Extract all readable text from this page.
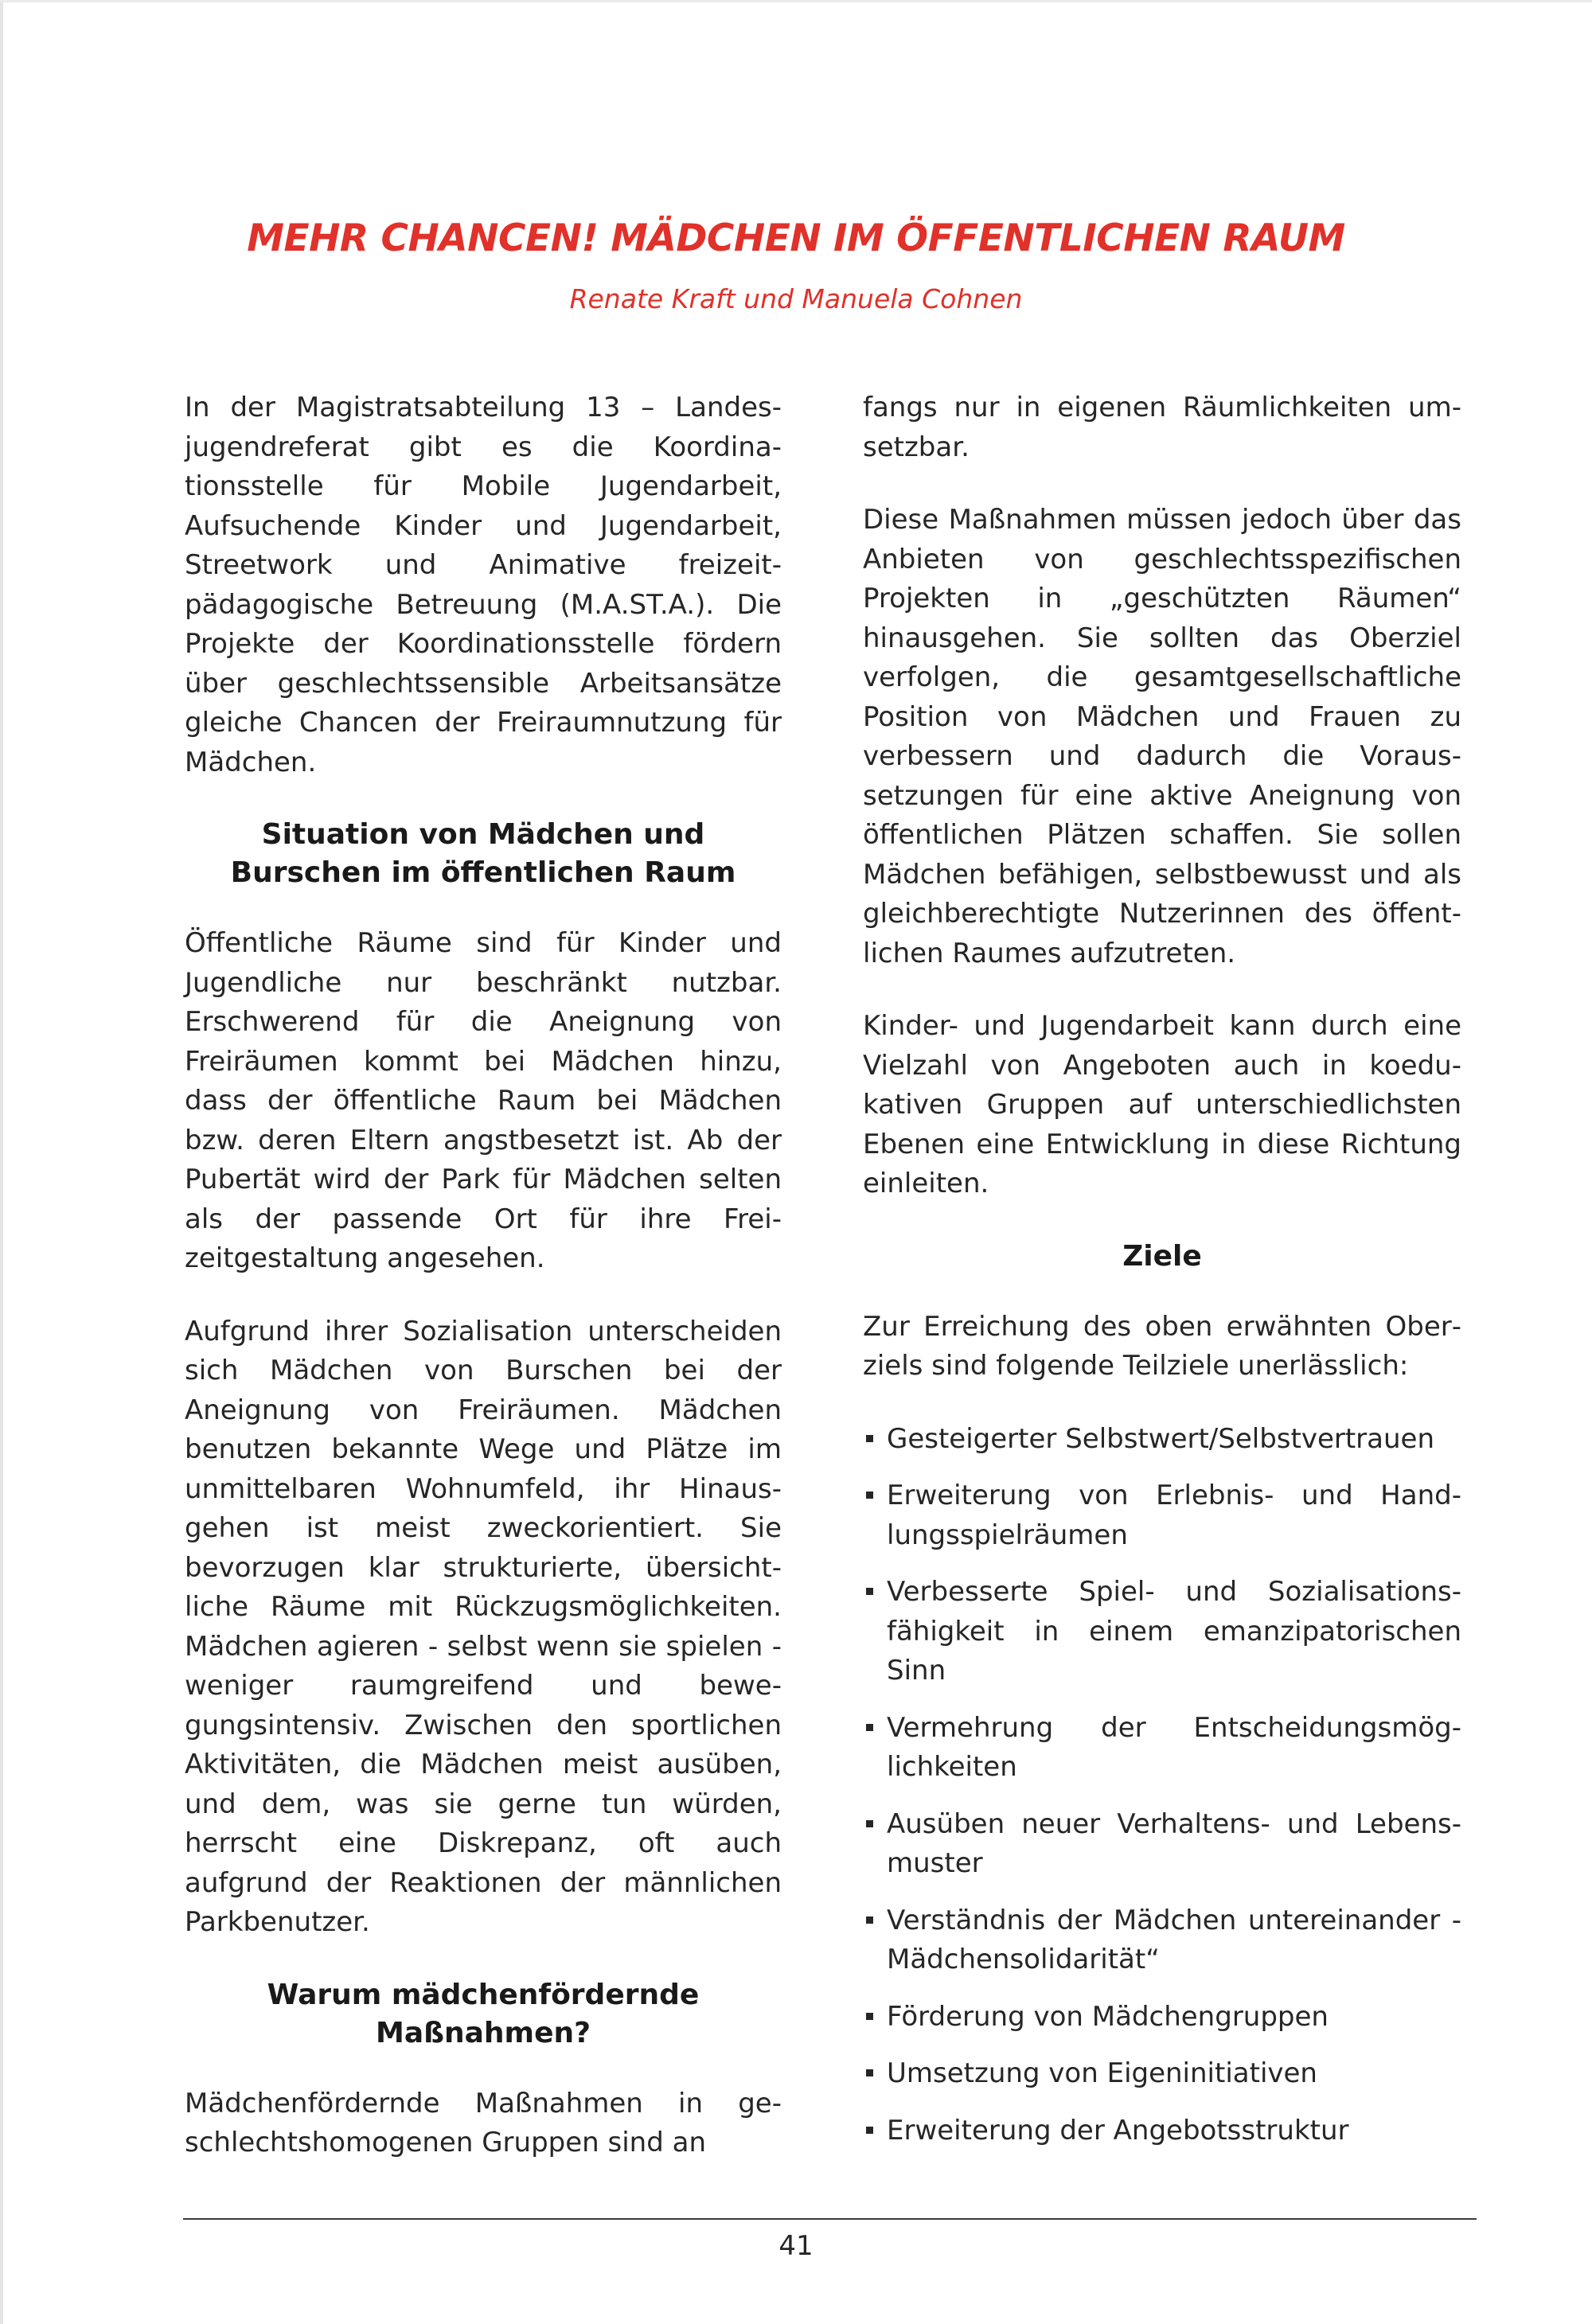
MEHR CHANCEN! MÄDCHEN IM ÖFFENTLICHEN RAUM

Renate Kraft und Manuela Cohnen

In der Magistratsabteilung 13 – Landesjugendreferat gibt es die Koordinationsstelle für Mobile Jugendarbeit, Aufsuchende Kinder und Jugendarbeit, Streetwork und Animative freizeitpädagogische Betreuung (M.A.ST.A.). Die Projekte der Koordinationsstelle fördern über geschlechtssensible Arbeitsansätze gleiche Chancen der Freiraumnutzung für Mädchen.

Situation von Mädchen und Burschen im öffentlichen Raum

Öffentliche Räume sind für Kinder und Jugendliche nur beschränkt nutzbar. Erschwerend für die Aneignung von Freiräumen kommt bei Mädchen hinzu, dass der öffentliche Raum bei Mädchen bzw. deren Eltern angstbesetzt ist. Ab der Pubertät wird der Park für Mädchen selten als der passende Ort für ihre Freizeitgestaltung angesehen.

Aufgrund ihrer Sozialisation unterscheiden sich Mädchen von Burschen bei der Aneignung von Freiräumen. Mädchen benutzen bekannte Wege und Plätze im unmittelbaren Wohnumfeld, ihr Hinausgehen ist meist zweckorientiert. Sie bevorzugen klar strukturierte, übersichtliche Räume mit Rückzugsmöglichkeiten. Mädchen agieren - selbst wenn sie spielen - weniger raumgreifend und bewegungsintensiv. Zwischen den sportlichen Aktivitäten, die Mädchen meist ausüben, und dem, was sie gerne tun würden, herrscht eine Diskrepanz, oft auch aufgrund der Reaktionen der männlichen Parkbenutzer.

Warum mädchenfördernde Maßnahmen?

Mädchenfördernde Maßnahmen in geschlechtshomogenen Gruppen sind an

fangs nur in eigenen Räumlichkeiten umsetzbar.

Diese Maßnahmen müssen jedoch über das Anbieten von geschlechtsspezifischen Projekten in „geschützten Räumen“ hinausgehen. Sie sollten das Oberziel verfolgen, die gesamtgesellschaftliche Position von Mädchen und Frauen zu verbessern und dadurch die Voraussetzungen für eine aktive Aneignung von öffentlichen Plätzen schaffen. Sie sollen Mädchen befähigen, selbstbewusst und als gleichberechtigte Nutzerinnen des öffentlichen Raumes aufzutreten.

Kinder- und Jugendarbeit kann durch eine Vielzahl von Angeboten auch in koedukativen Gruppen auf unterschiedlichsten Ebenen eine Entwicklung in diese Richtung einleiten.

Ziele

Zur Erreichung des oben erwähnten Oberziels sind folgende Teilziele unerlässlich:

Gesteigerter Selbstwert/Selbstvertrauen
Erweiterung von Erlebnis- und Handlungsspielräumen
Verbesserte Spiel- und Sozialisationsfähigkeit in einem emanzipatorischen Sinn
Vermehrung der Entscheidungsmöglichkeiten
Ausüben neuer Verhaltens- und Lebensmuster
Verständnis der Mädchen untereinander - Mädchensolidarität“
Förderung von Mädchengruppen
Umsetzung von Eigeninitiativen
Erweiterung der Angebotsstruktur
41
